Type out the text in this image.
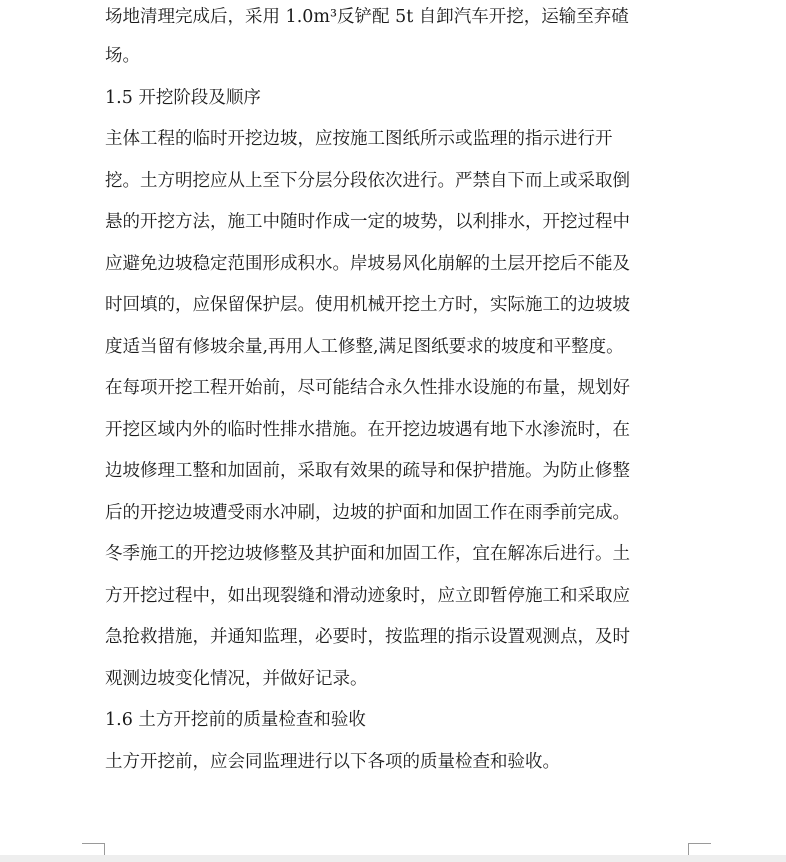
场地清理完成后，采用 1.0m³反铲配 5t 自卸汽车开挖，运输至弃碴
场。
1.5 开挖阶段及顺序
主体工程的临时开挖边坡，应按施工图纸所示或监理的指示进行开
挖。土方明挖应从上至下分层分段依次进行。严禁自下而上或采取倒
悬的开挖方法，施工中随时作成一定的坡势，以利排水，开挖过程中
应避免边坡稳定范围形成积水。岸坡易风化崩解的土层开挖后不能及
时回填的，应保留保护层。使用机械开挖土方时，实际施工的边坡坡
度适当留有修坡余量,再用人工修整,满足图纸要求的坡度和平整度。
在每项开挖工程开始前，尽可能结合永久性排水设施的布量，规划好
开挖区域内外的临时性排水措施。在开挖边坡遇有地下水渗流时，在
边坡修理工整和加固前，采取有效果的疏导和保护措施。为防止修整
后的开挖边坡遭受雨水冲刷，边坡的护面和加固工作在雨季前完成。
冬季施工的开挖边坡修整及其护面和加固工作，宜在解冻后进行。土
方开挖过程中，如出现裂缝和滑动迹象时，应立即暂停施工和采取应
急抢救措施，并通知监理，必要时，按监理的指示设置观测点，及时
观测边坡变化情况，并做好记录。
1.6 土方开挖前的质量检查和验收
土方开挖前，应会同监理进行以下各项的质量检查和验收。
